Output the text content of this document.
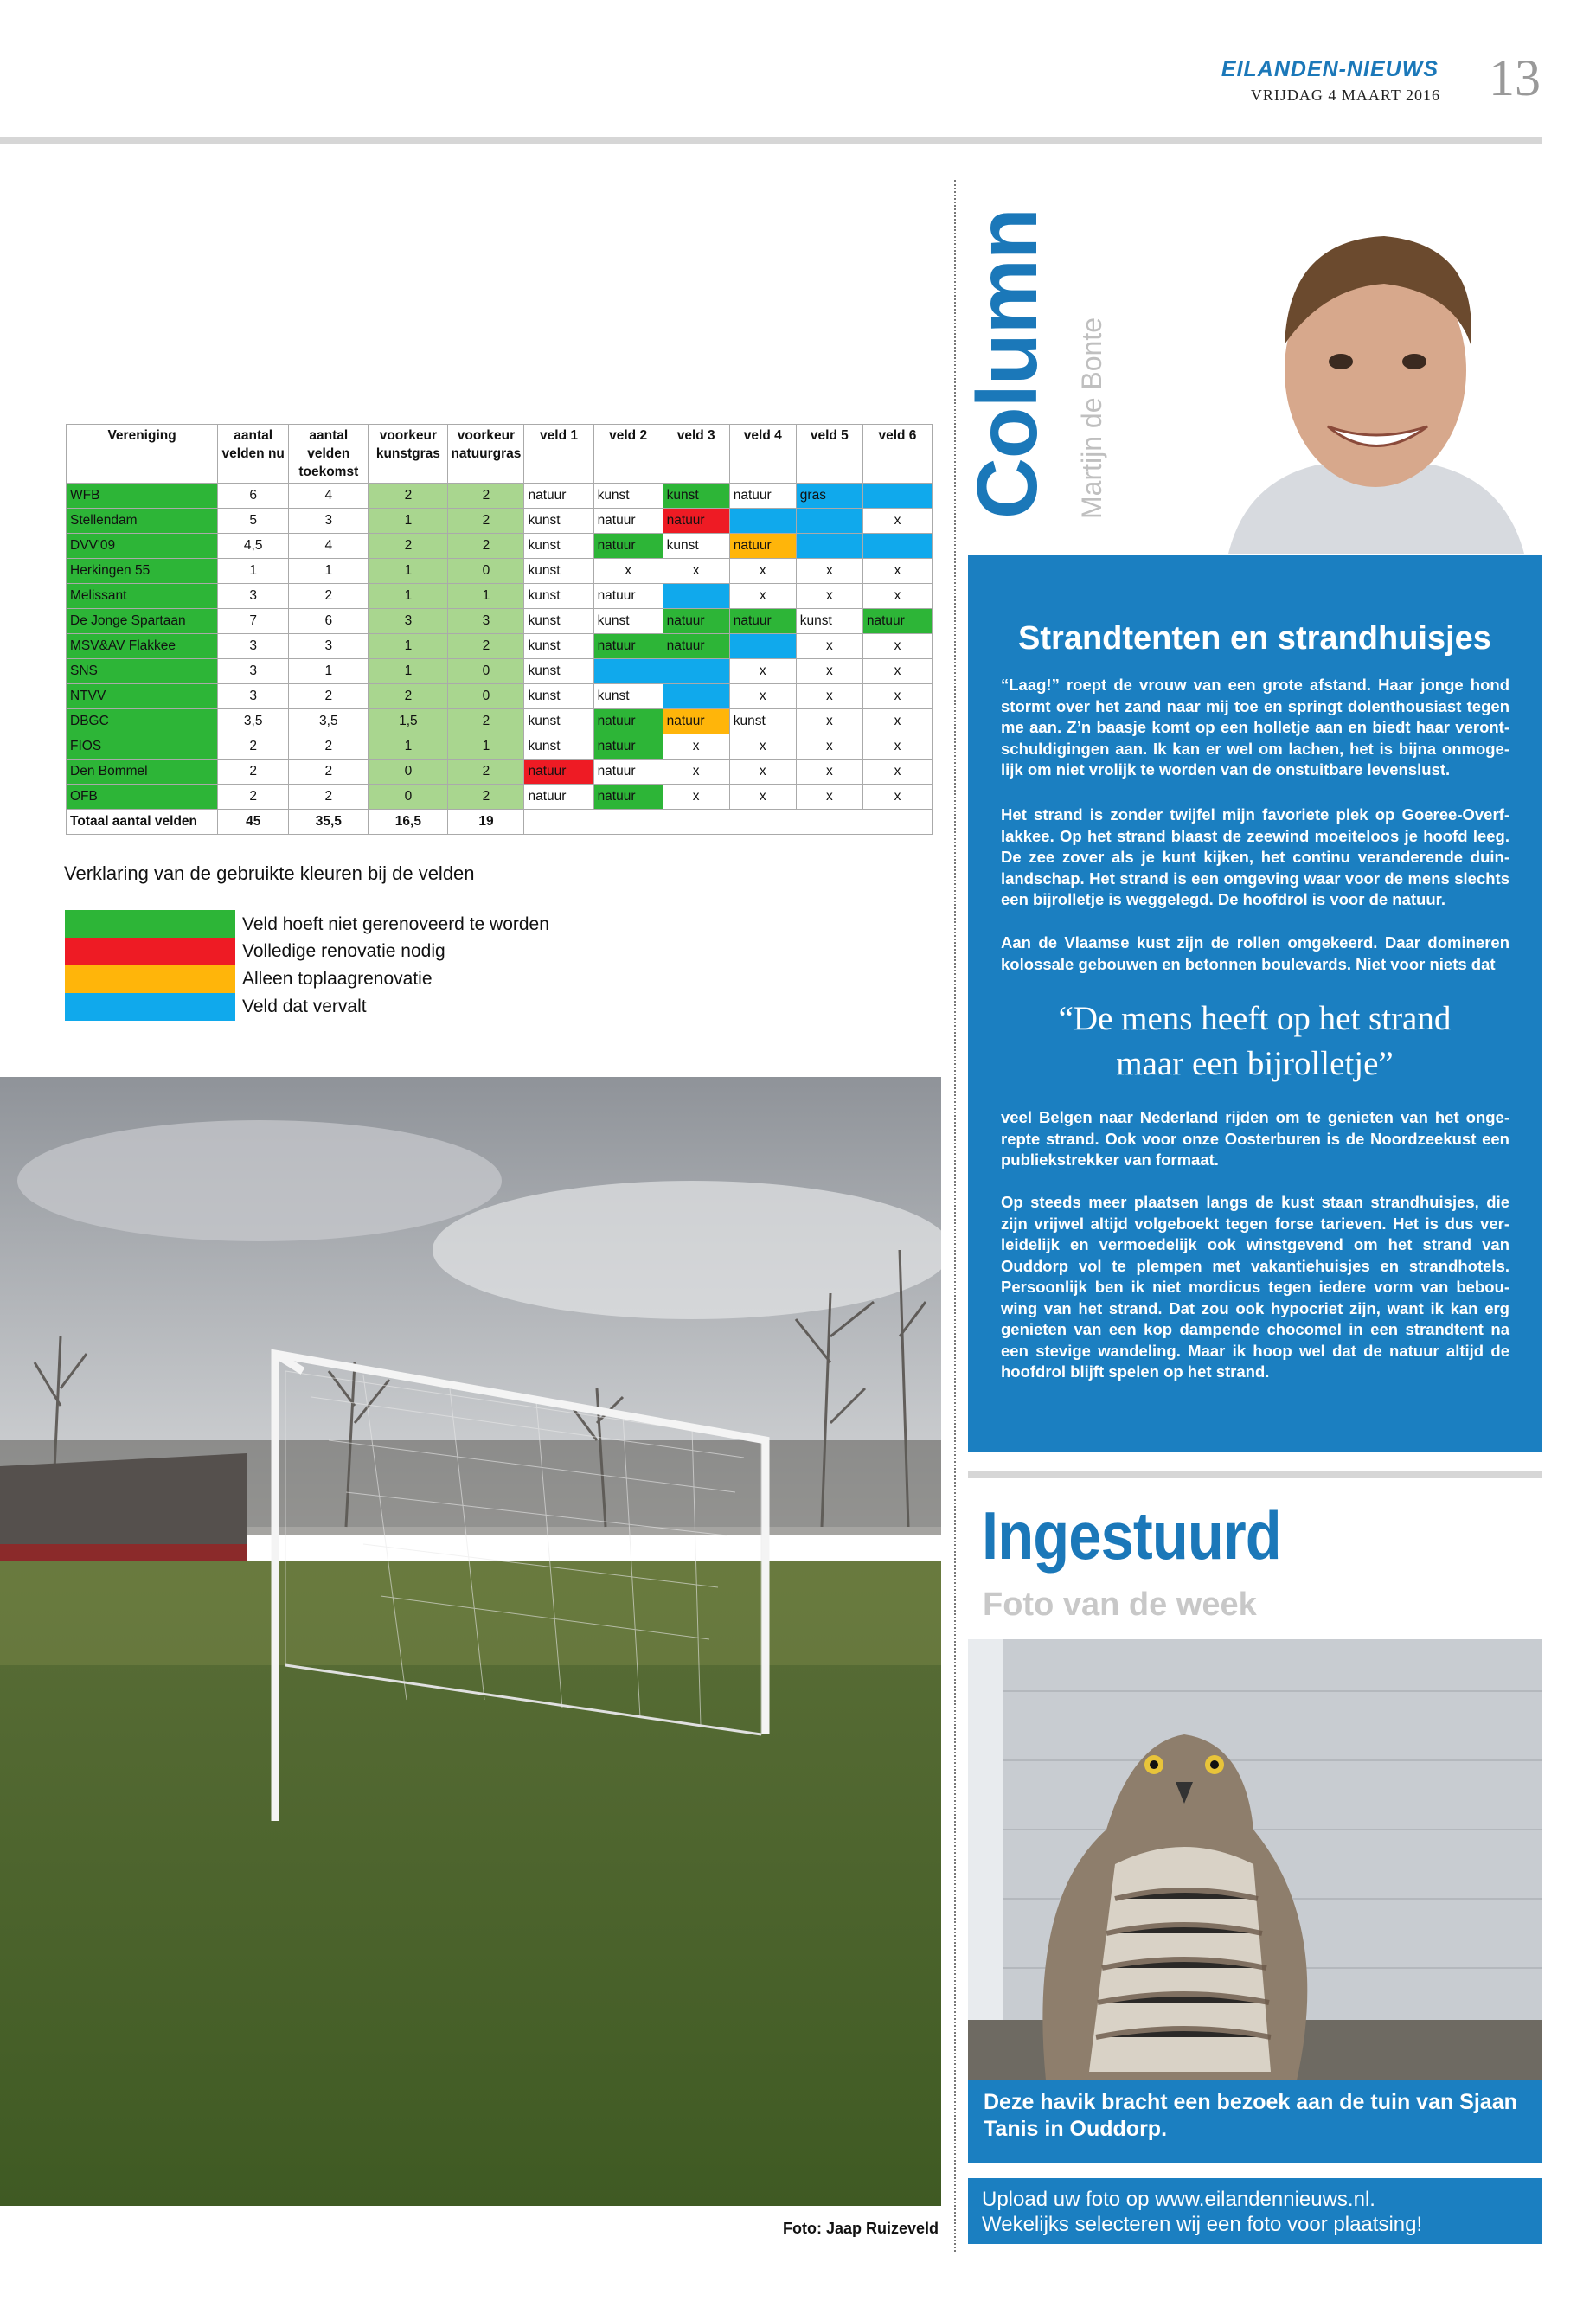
EILANDEN-NIEUWS
VRIJDAG 4 MAART 2016 13
Vereniging	aantal velden nu	aantal velden toekomst	voorkeur kunstgras	voorkeur natuurgras	veld 1	veld 2	veld 3	veld 4	veld 5	veld 6
WFB	6	4	2	2	natuur	kunst	kunst	natuur	gras	
Stellendam	5	3	1	2	kunst	natuur	natuur			x
DVV'09	4,5	4	2	2	kunst	natuur	kunst	natuur		
Herkingen 55	1	1	1	0	kunst	x	x	x	x	x
Melissant	3	2	1	1	kunst	natuur		x	x	x
De Jonge Spartaan	7	6	3	3	kunst	kunst	natuur	natuur	kunst	natuur
MSV&AV Flakkee	3	3	1	2	kunst	natuur	natuur		x	x
SNS	3	1	1	0	kunst			x	x	x
NTVV	3	2	2	0	kunst	kunst		x	x	x
DBGC	3,5	3,5	1,5	2	kunst	natuur	natuur	kunst	x	x
FIOS	2	2	1	1	kunst	natuur	x	x	x	x
Den Bommel	2	2	0	2	natuur	natuur	x	x	x	x
OFB	2	2	0	2	natuur	natuur	x	x	x	x
Totaal aantal velden	45	35,5	16,5	19						
Verklaring van de gebruikte kleuren bij de velden
Veld hoeft niet gerenoveerd te worden
Volledige renovatie nodig
Alleen toplaagrenovatie
Veld dat vervalt
Foto: Jaap Ruizeveld
Column Martijn de Bonte
Strandtenten en strandhuisjes
“Laag!” roept de vrouw van een grote afstand. Haar jonge hond stormt over het zand naar mij toe en springt dolenthousiast tegen me aan. Z’n baasje komt op een holletje aan en biedt haar veront-schuldigingen aan. Ik kan er wel om lachen, het is bijna onmoge-lijk om niet vrolijk te worden van de onstuitbare levenslust.
Het strand is zonder twijfel mijn favoriete plek op Goeree-Overf-lakkee. Op het strand blaast de zeewind moeiteloos je hoofd leeg. De zee zover als je kunt kijken, het continu veranderende duin-landschap. Het strand is een omgeving waar voor de mens slechts een bijrolletje is weggelegd. De hoofdrol is voor de natuur.
Aan de Vlaamse kust zijn de rollen omgekeerd. Daar domineren kolossale gebouwen en betonnen boulevards. Niet voor niets dat
“De mens heeft op het strand
maar een bijrolletje”
veel Belgen naar Nederland rijden om te genieten van het onge-repte strand. Ook voor onze Oosterburen is de Noordzeekust een publiekstrekker van formaat.
Op steeds meer plaatsen langs de kust staan strandhuisjes, die zijn vrijwel altijd volgeboekt tegen forse tarieven. Het is dus ver-leidelijk en vermoedelijk ook winstgevend om het strand van Ouddorp vol te plempen met vakantiehuisjes en strandhotels. Persoonlijk ben ik niet mordicus tegen iedere vorm van bebou-wing van het strand. Dat zou ook hypocriet zijn, want ik kan erg genieten van een kop dampende chocomel in een strandtent na een stevige wandeling. Maar ik hoop wel dat de natuur altijd de hoofdrol blijft spelen op het strand.
Ingestuurd
Foto van de week
Deze havik bracht een bezoek aan de tuin van Sjaan Tanis in Ouddorp.
Upload uw foto op www.eilandennieuws.nl.
Wekelijks selecteren wij een foto voor plaatsing!
